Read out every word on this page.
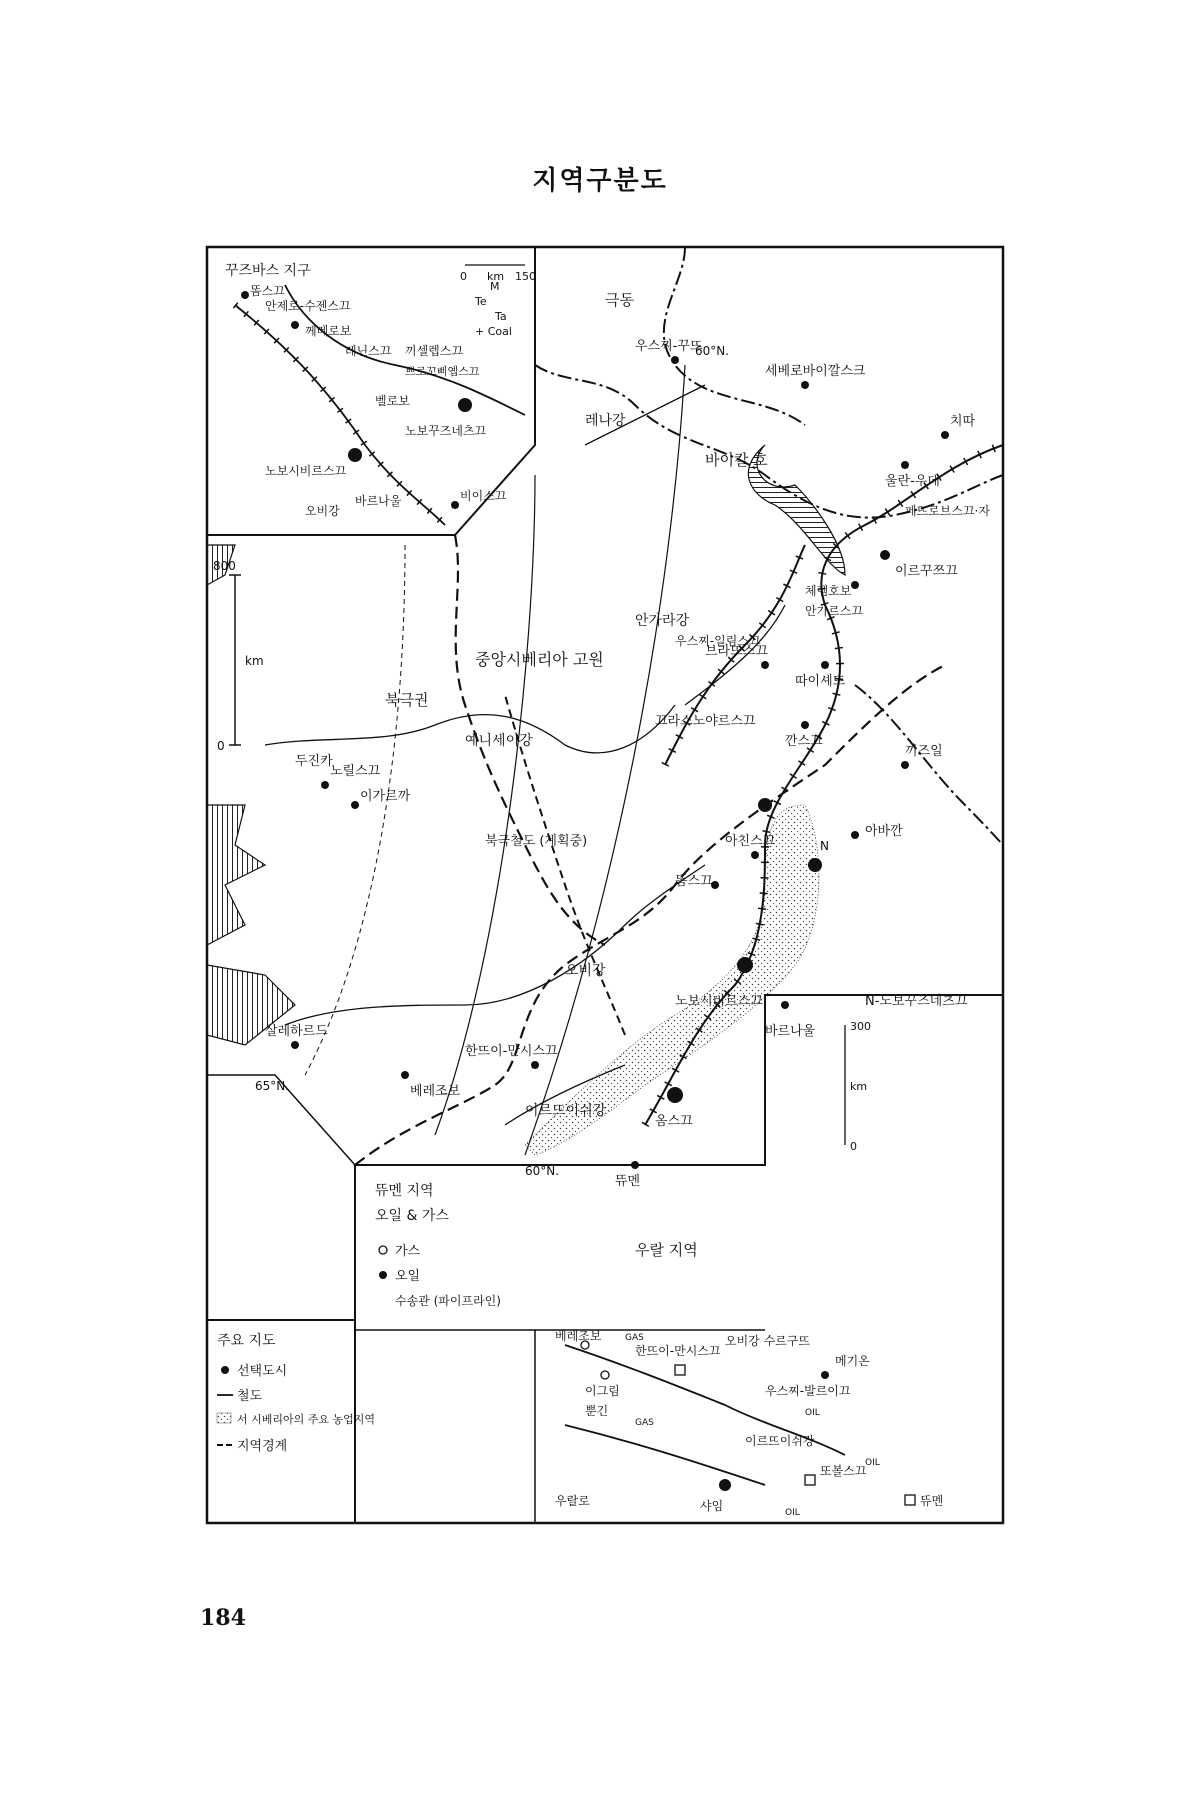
지역구분도
극동
바이칼 호
중앙시베리아 고원
북극권
우랄 지역
예니세이강
안가라강
오비강
이르뜨이쉬강
레나강
북극철도 (계획중)
우스찌-꾸뜨
세베로바이깔스크
치따
울란-우데
페뜨로브스끄·자
이르꾸쯔끄
체렘호보
안가르스끄
따이셰뜨
브라뜨스끄
우스찌-일림스끄
깐스끄
끄라스노야르스끄
아친스끄
아바깐
끼즈일
똠스끄
노보시비르스끄
바르나울
N-노보꾸즈네츠끄
N
노릴스끄
두진카
이가르까
살레하르드
베레조보
한뜨이-만시스끄
옴스끄
뜌멘
60°N.
60°N.
65°N.
0
800
km
꾸즈바스 지구
똠스끄
안제로-수젠스끄
께메로보
레닌스끄 끼셀렙스끄
쁘로꼬삐옙스끄
벨로보
노보꾸즈네츠끄
비이스끄
노보시비르스끄
바르나울
오비강
+ Coal
Te
Ta
M
0	150
km
뜌멘 지역
오일 & 가스
가스
오일
수송관 (파이프라인)
베레조보
이그림
뿐긴
한뜨이-만시스끄
오비강 수르구뜨
메기온
우스찌-발르이끄
이르뜨이쉬강
또볼스끄
샤임	뜌멘
우랄로
GAS
GAS
OIL
OIL
OIL
0
300
km
주요 지도
선택도시
철도
서 시베리아의 주요 농업지역
지역경계
184
